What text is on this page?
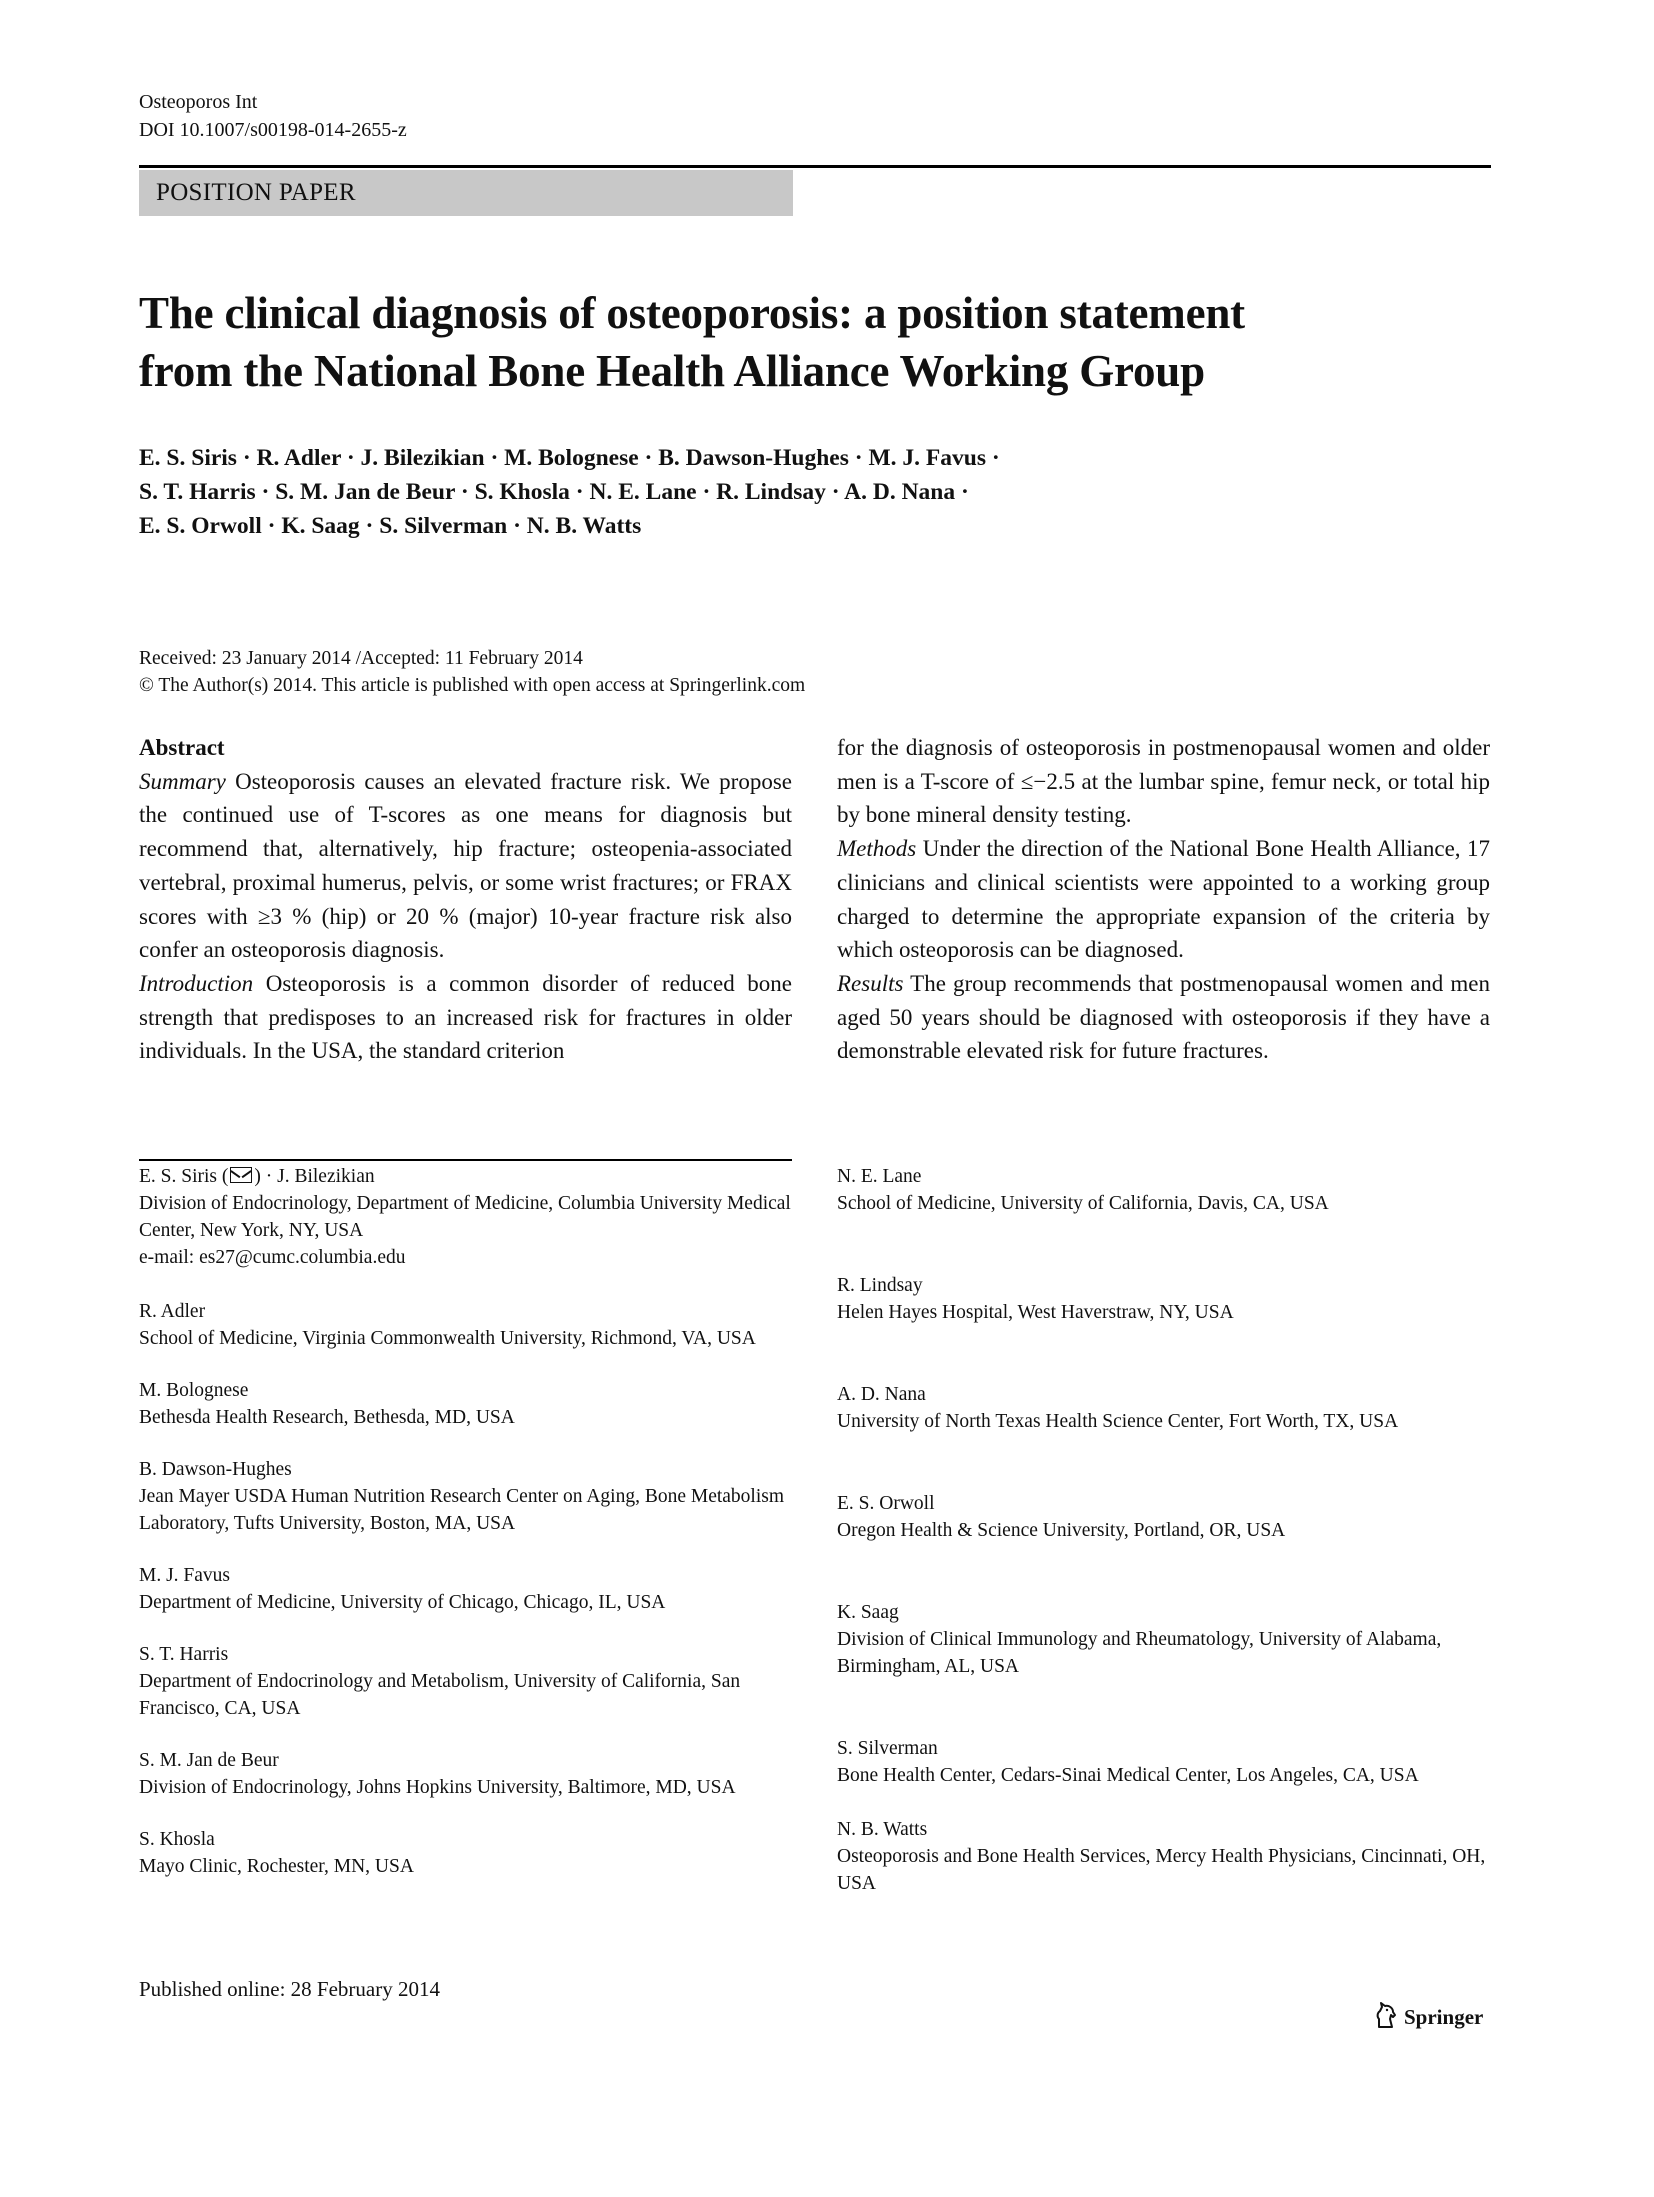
Osteoporos Int
DOI 10.1007/s00198-014-2655-z
POSITION PAPER
The clinical diagnosis of osteoporosis: a position statement
from the National Bone Health Alliance Working Group
E. S. Siris · R. Adler · J. Bilezikian · M. Bolognese · B. Dawson-Hughes · M. J. Favus ·
S. T. Harris · S. M. Jan de Beur · S. Khosla · N. E. Lane · R. Lindsay · A. D. Nana ·
E. S. Orwoll · K. Saag · S. Silverman · N. B. Watts
Received: 23 January 2014 /Accepted: 11 February 2014
© The Author(s) 2014. This article is published with open access at Springerlink.com
Abstract
Summary Osteoporosis causes an elevated fracture risk. We propose the continued use of T-scores as one means for diagnosis but recommend that, alternatively, hip fracture; osteopenia-associated vertebral, proximal humerus, pelvis, or some wrist fractures; or FRAX scores with ≥3 % (hip) or 20 % (major) 10-year fracture risk also confer an osteoporosis diagnosis.
Introduction Osteoporosis is a common disorder of reduced bone strength that predisposes to an increased risk for fractures in older individuals. In the USA, the standard criterion
for the diagnosis of osteoporosis in postmenopausal women and older men is a T-score of ≤−2.5 at the lumbar spine, femur neck, or total hip by bone mineral density testing.
Methods Under the direction of the National Bone Health Alliance, 17 clinicians and clinical scientists were appointed to a working group charged to determine the appropriate expansion of the criteria by which osteoporosis can be diagnosed.
Results The group recommends that postmenopausal women and men aged 50 years should be diagnosed with osteoporosis if they have a demonstrable elevated risk for future fractures.
E. S. Siris ( ) · J. Bilezikian
Division of Endocrinology, Department of Medicine, Columbia University Medical Center, New York, NY, USA
e-mail: es27@cumc.columbia.edu
R. Adler
School of Medicine, Virginia Commonwealth University, Richmond, VA, USA
M. Bolognese
Bethesda Health Research, Bethesda, MD, USA
B. Dawson-Hughes
Jean Mayer USDA Human Nutrition Research Center on Aging, Bone Metabolism Laboratory, Tufts University, Boston, MA, USA
M. J. Favus
Department of Medicine, University of Chicago, Chicago, IL, USA
S. T. Harris
Department of Endocrinology and Metabolism, University of California, San Francisco, CA, USA
S. M. Jan de Beur
Division of Endocrinology, Johns Hopkins University, Baltimore, MD, USA
S. Khosla
Mayo Clinic, Rochester, MN, USA
N. E. Lane
School of Medicine, University of California, Davis, CA, USA
R. Lindsay
Helen Hayes Hospital, West Haverstraw, NY, USA
A. D. Nana
University of North Texas Health Science Center, Fort Worth, TX, USA
E. S. Orwoll
Oregon Health & Science University, Portland, OR, USA
K. Saag
Division of Clinical Immunology and Rheumatology, University of Alabama, Birmingham, AL, USA
S. Silverman
Bone Health Center, Cedars-Sinai Medical Center, Los Angeles, CA, USA
N. B. Watts
Osteoporosis and Bone Health Services, Mercy Health Physicians, Cincinnati, OH, USA
Published online: 28 February 2014
Springer
